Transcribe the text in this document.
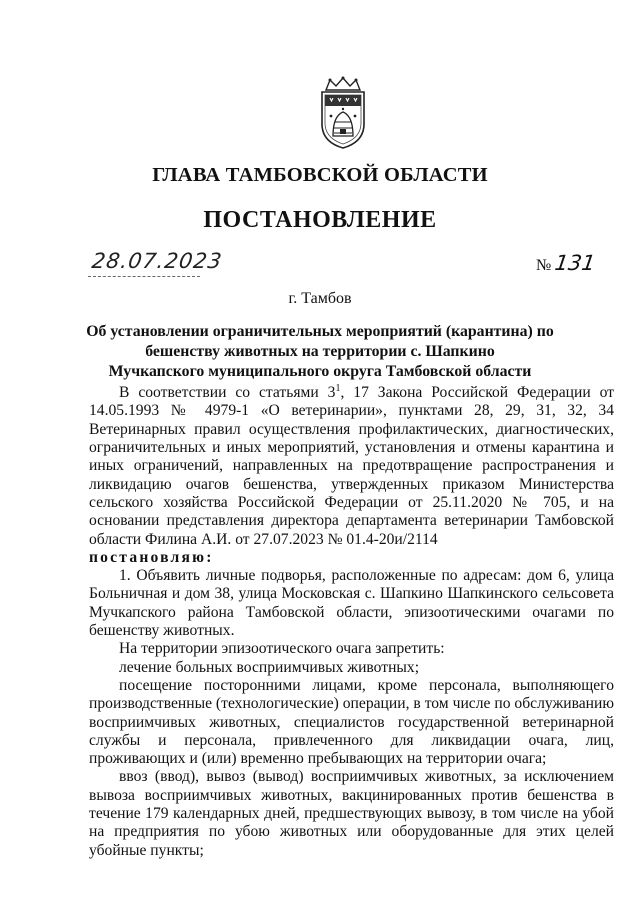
ГЛАВА ТАМБОВСКОЙ ОБЛАСТИ
ПОСТАНОВЛЕНИЕ
28.07.2023	№ 131
г. Тамбов
Об установлении ограничительных мероприятий (карантина) по
бешенству животных на территории с. Шапкино
Мучкапского муниципального округа Тамбовской области

В соответствии со статьями $3^1$, 17 Закона Российской Федерации от 14.05.1993 № 4979-1 «О ветеринарии», пунктами 28, 29, 31, 32, 34 Ветеринарных правил осуществления профилактических, диагностических, ограничительных и иных мероприятий, установления и отмены карантина и иных ограничений, направленных на предотвращение распространения и ликвидацию очагов бешенства, утвержденных приказом Министерства сельского хозяйства Российской Федерации от 25.11.2020 № 705, и на основании представления директора департамента ветеринарии Тамбовской области Филина А.И. от 27.07.2023 № 01.4-20и/2114

постановляю:

1. Объявить личные подворья, расположенные по адресам: дом 6, улица Больничная и дом 38, улица Московская с. Шапкино Шапкинского сельсовета Мучкапского района Тамбовской области, эпизоотическими очагами по бешенству животных.

На территории эпизоотического очага запретить:

лечение больных восприимчивых животных;

посещение посторонними лицами, кроме персонала, выполняющего производственные (технологические) операции, в том числе по обслуживанию восприимчивых животных, специалистов государственной ветеринарной службы и персонала, привлеченного для ликвидации очага, лиц, проживающих и (или) временно пребывающих на территории очага;

ввоз (ввод), вывоз (вывод) восприимчивых животных, за исключением вывоза восприимчивых животных, вакцинированных против бешенства в течение 179 календарных дней, предшествующих вывозу, в том числе на убой на предприятия по убою животных или оборудованные для этих целей убойные пункты;
